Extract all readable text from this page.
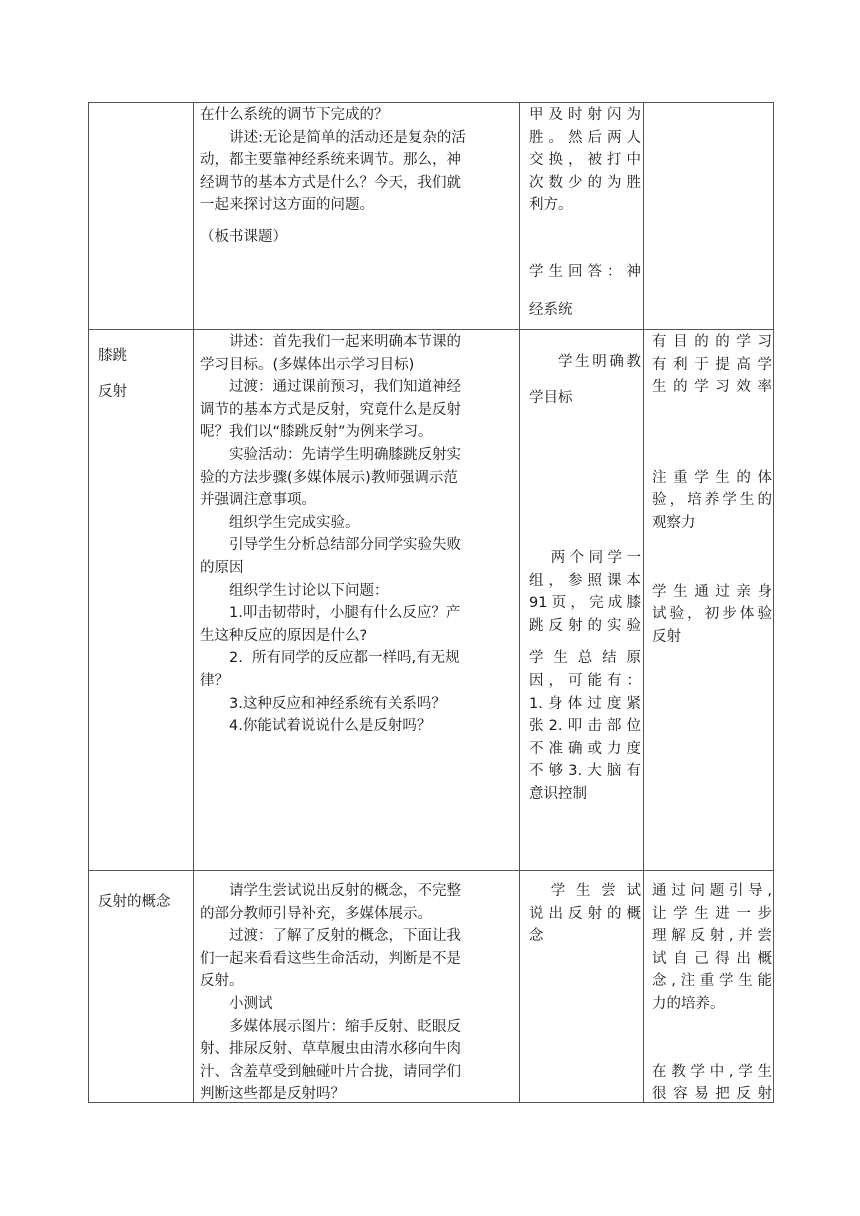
在什么系统的调节下完成的？

讲述:无论是简单的活动还是复杂的活

动，都主要靠神经系统来调节。那么，神

经调节的基本方式是什么？今天，我们就

一起来探讨这方面的问题。

（板书课题）

甲及时射闪为

胜。然后两人

交换，被打中

次数少的为胜

利方。

学生回答：神

经系统

膝跳

反射

讲述：首先我们一起来明确本节课的

学习目标。(多媒体出示学习目标)

过渡：通过课前预习，我们知道神经

调节的基本方式是反射，究竟什么是反射

呢？我们以“膝跳反射”为例来学习。

实验活动：先请学生明确膝跳反射实

验的方法步骤(多媒体展示)教师强调示范

并强调注意事项。

组织学生完成实验。

引导学生分析总结部分同学实验失败

的原因

组织学生讨论以下问题：

1.叩击韧带时，小腿有什么反应？产

生这种反应的原因是什么?

2.  所有同学的反应都一样吗,有无规

律？

3.这种反应和神经系统有关系吗？

4.你能试着说说什么是反射吗？

学生明确教

学目标

两个同学一

组，参照课本

91页，完成膝

跳反射的实验

学生总结原

因，可能有：

1.身体过度紧

张2.叩击部位

不准确或力度

不够3.大脑有

意识控制

有目的的学习

有利于提高学

生的学习效率

注重学生的体

验，培养学生的

观察力

学生通过亲身

试验，初步体验

反射

反射的概念

请学生尝试说出反射的概念，不完整

的部分教师引导补充，多媒体展示。

过渡：了解了反射的概念，下面让我

们一起来看看这些生命活动，判断是不是

反射。

小测试

多媒体展示图片：缩手反射、眨眼反

射、排尿反射、草草履虫由清水移向牛肉

汁、含羞草受到触碰叶片合拢，请同学们

判断这些都是反射吗？

学生尝试

说出反射的概

念

通过问题引导,

让学生进一步

理解反射,并尝

试自己得出概

念,注重学生能

力的培养。

在教学中,学生

很容易把反射
